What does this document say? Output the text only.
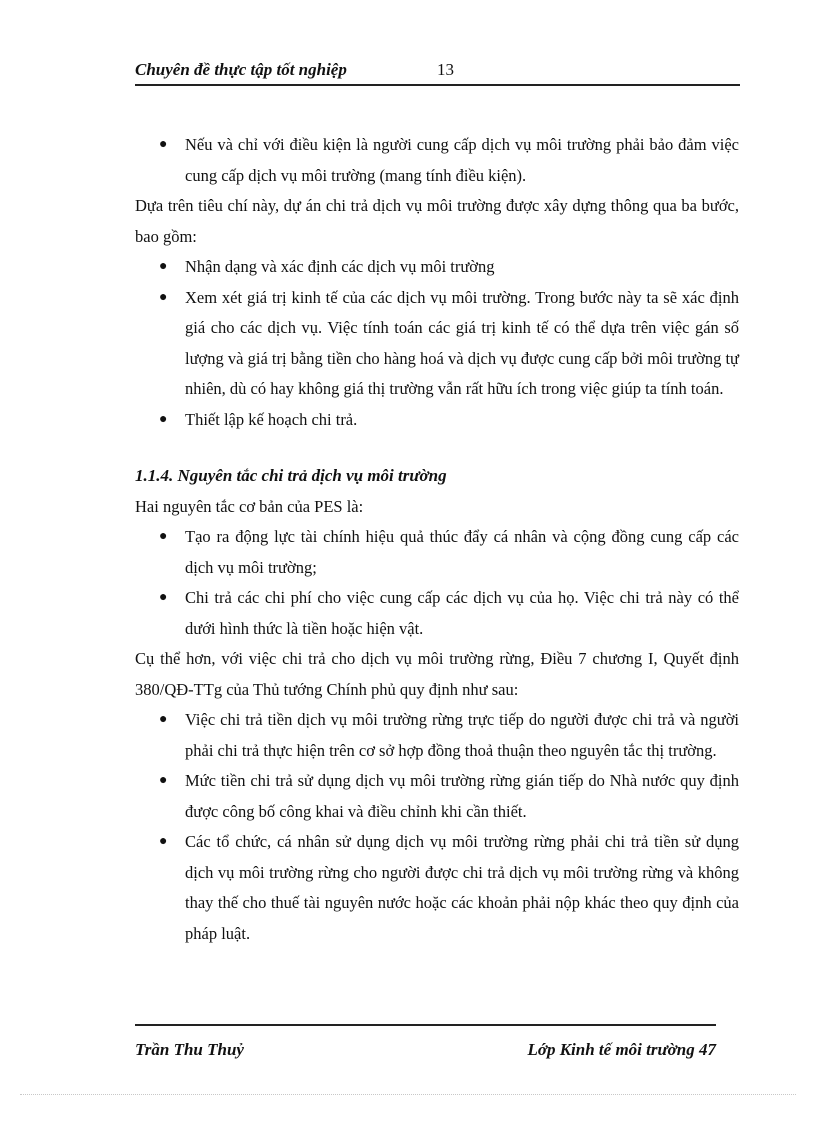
Chuyên đề thực tập tốt nghiệp	13
● Nếu và chỉ với điều kiện là người cung cấp dịch vụ môi trường phải bảo đảm việc cung cấp dịch vụ môi trường (mang tính điều kiện).

Dựa trên tiêu chí này, dự án chi trả dịch vụ môi trường được xây dựng thông qua ba bước, bao gồm:

● Nhận dạng và xác định các dịch vụ môi trường
● Xem xét giá trị kinh tế của các dịch vụ môi trường. Trong bước này ta sẽ xác định giá cho các dịch vụ. Việc tính toán các giá trị kinh tế có thể dựa trên việc gán số lượng và giá trị bằng tiền cho hàng hoá và dịch vụ được cung cấp bởi môi trường tự nhiên, dù có hay không giá thị trường vẫn rất hữu ích trong việc giúp ta tính toán.
● Thiết lập kế hoạch chi trả.

1.1.4. Nguyên tắc chi trả dịch vụ môi trường

Hai nguyên tắc cơ bản của PES là:

● Tạo ra động lực tài chính hiệu quả thúc đẩy cá nhân và cộng đồng cung cấp các dịch vụ môi trường;
● Chi trả các chi phí cho việc cung cấp các dịch vụ của họ. Việc chi trả này có thể dưới hình thức là tiền hoặc hiện vật.

Cụ thể hơn, với việc chi trả cho dịch vụ môi trường rừng, Điều 7 chương I, Quyết định 380/QĐ-TTg của Thủ tướng Chính phủ quy định như sau:

● Việc chi trả tiền dịch vụ môi trường rừng trực tiếp do người được chi trả và người phải chi trả thực hiện trên cơ sở hợp đồng thoả thuận theo nguyên tắc thị trường.
● Mức tiền chi trả sử dụng dịch vụ môi trường rừng gián tiếp do Nhà nước quy định được công bố công khai và điều chỉnh khi cần thiết.
● Các tổ chức, cá nhân sử dụng dịch vụ môi trường rừng phải chi trả tiền sử dụng dịch vụ môi trường rừng cho người được chi trả dịch vụ môi trường rừng và không thay thế cho thuế tài nguyên nước hoặc các khoản phải nộp khác theo quy định của pháp luật.
Trần Thu Thuỷ	Lớp Kinh tế môi trường 47
